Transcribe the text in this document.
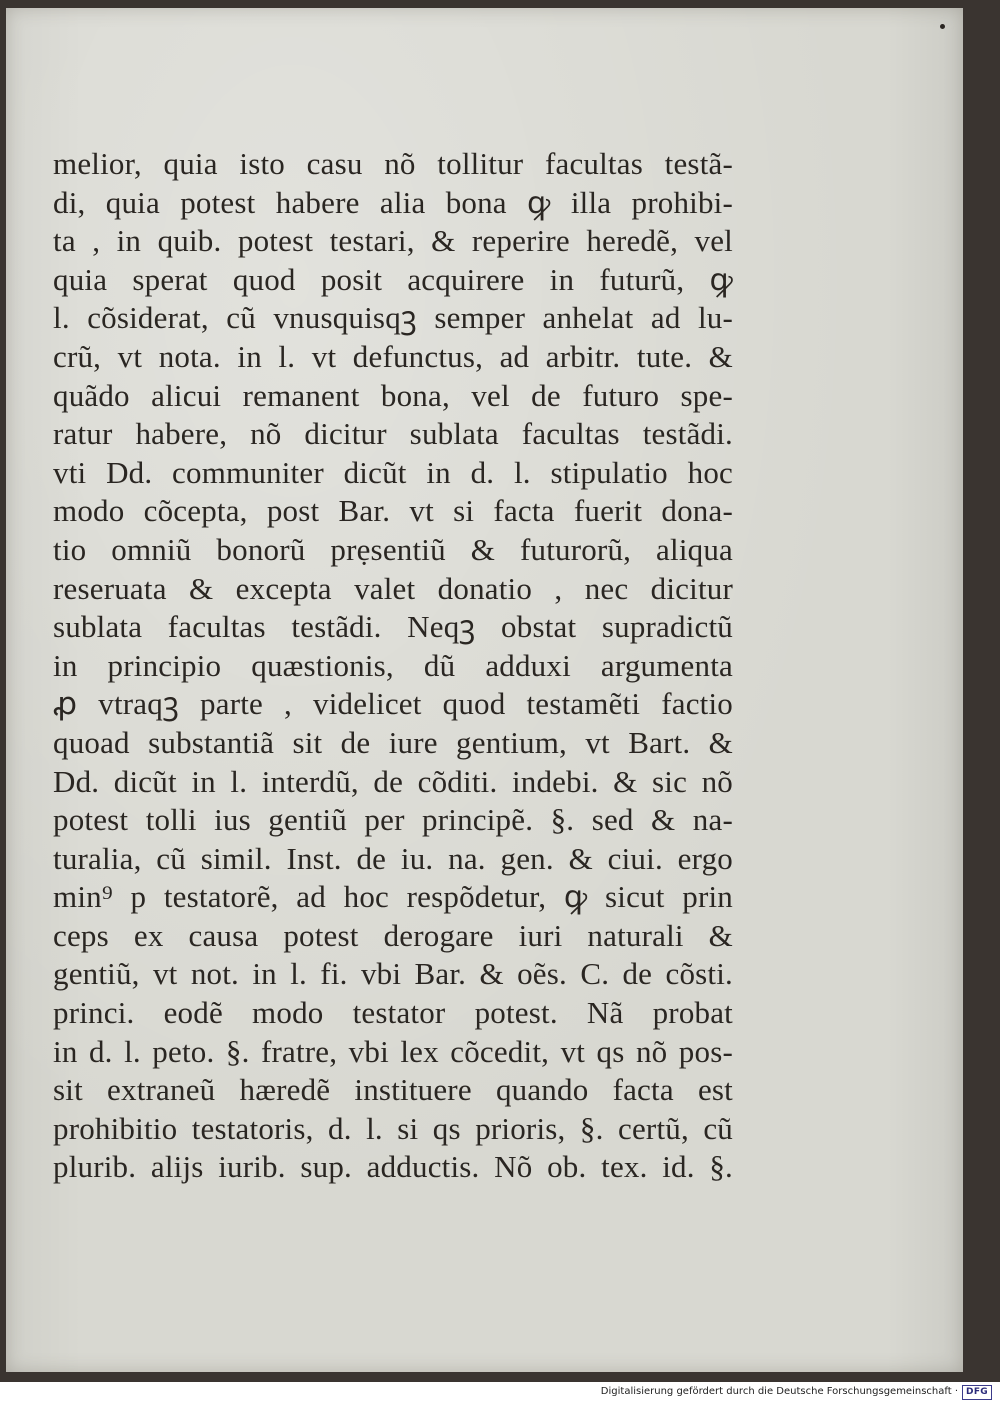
melior, quia isto casu nõ tollitur facultas testã-
di, quia potest habere alia bona ꝙ illa prohibi-
ta , in quib. potest testari, & reperire heredẽ, vel
quia sperat quod posit acquirere in futurũ, ꝙ
l. cõsiderat, cũ vnusquisqꝫ semper anhelat ad lu-
crũ, vt nota. in l. vt defunctus, ad arbitr. tute. &
quãdo alicui remanent bona, vel de futuro spe-
ratur habere, nõ dicitur sublata facultas testãdi.
vti Dd. communiter dicũt in d. l. stipulatio hoc
modo cõcepta, post Bar. vt si facta fuerit dona-
tio omniũ bonorũ prẹsentiũ & futurorũ, aliqua
reseruata & excepta valet donatio , nec dicitur
sublata facultas testãdi. Neqꝫ obstat supradictũ
in principio quæstionis, dũ adduxi argumenta
ꝓ vtraqꝫ parte , videlicet quod testamẽti factio
quoad substantiã sit de iure gentium, vt Bart. &
Dd. dicũt in l. interdũ, de cõditi. indebi. & sic nõ
potest tolli ius gentiũ per principẽ. §. sed & na-
turalia, cũ simil. Inst. de iu. na. gen. & ciui. ergo
min⁹ p testatorẽ, ad hoc respõdetur, ꝙ sicut prin
ceps ex causa potest derogare iuri naturali &
gentiũ, vt not. in l. fi. vbi Bar. & oẽs. C. de cõsti.
princi. eodẽ modo testator potest. Nã probat
in d. l. peto. §. fratre, vbi lex cõcedit, vt qs nõ pos-
sit extraneũ hæredẽ instituere quando facta est
prohibitio testatoris, d. l. si qs prioris, §. certũ, cũ
plurib. alijs iurib. sup. adductis. Nõ ob. tex. id. §.
Digitalisierung gefördert durch die Deutsche Forschungsgemeinschaft · DFG
